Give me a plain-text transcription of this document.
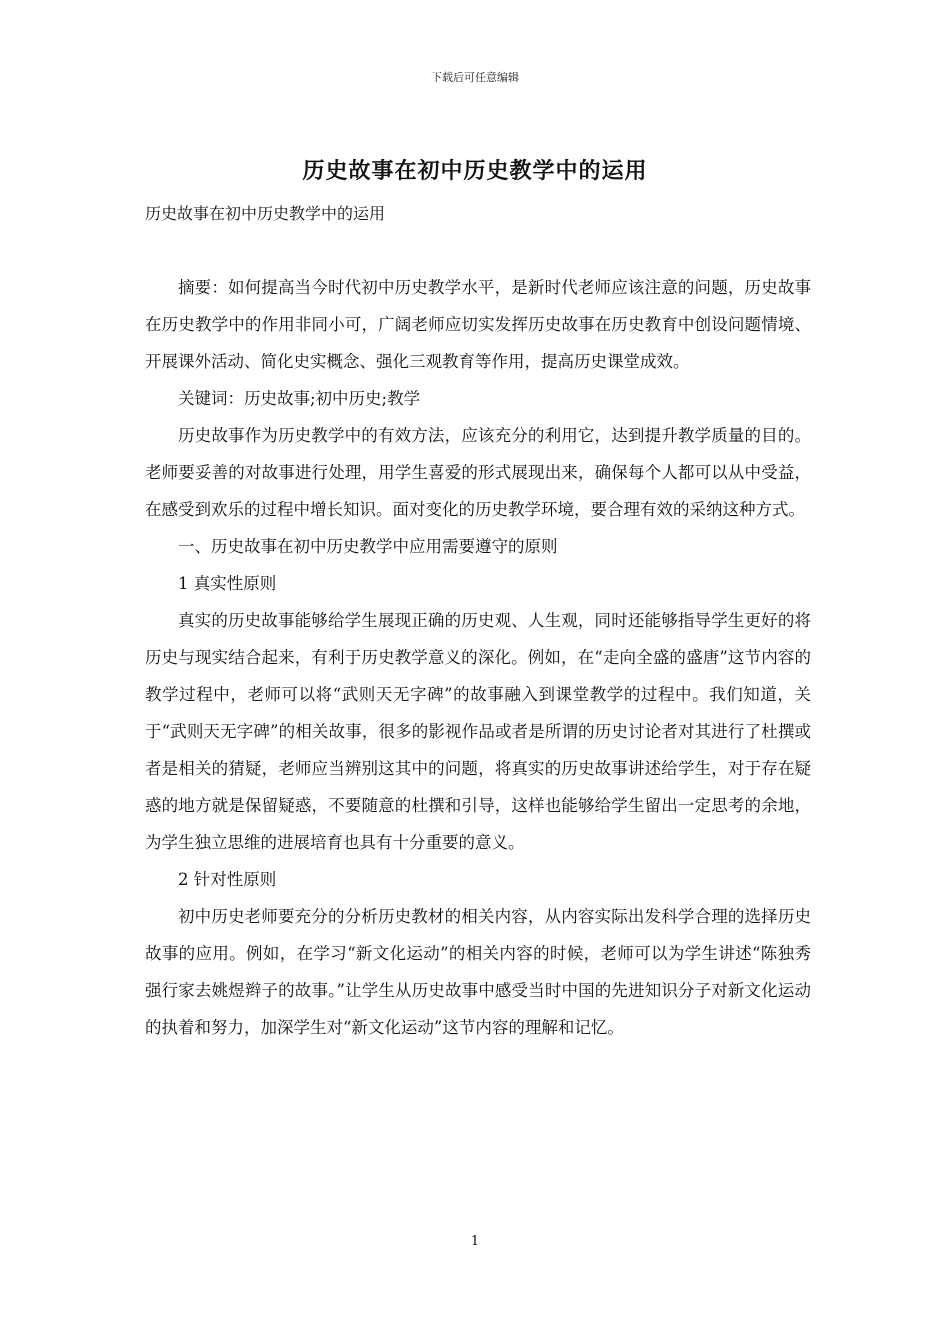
下载后可任意编辑
历史故事在初中历史教学中的运用
历史故事在初中历史教学中的运用

摘要：如何提高当今时代初中历史教学水平，是新时代老师应该注意的问题，历史故事在历史教学中的作用非同小可，广阔老师应切实发挥历史故事在历史教育中创设问题情境、开展课外活动、简化史实概念、强化三观教育等作用，提高历史课堂成效。

关键词：历史故事;初中历史;教学

历史故事作为历史教学中的有效方法，应该充分的利用它，达到提升教学质量的目的。老师要妥善的对故事进行处理，用学生喜爱的形式展现出来，确保每个人都可以从中受益，在感受到欢乐的过程中增长知识。面对变化的历史教学环境，要合理有效的采纳这种方式。

一、历史故事在初中历史教学中应用需要遵守的原则

1 真实性原则

真实的历史故事能够给学生展现正确的历史观、人生观，同时还能够指导学生更好的将历史与现实结合起来，有利于历史教学意义的深化。例如，在“走向全盛的盛唐”这节内容的教学过程中，老师可以将“武则天无字碑”的故事融入到课堂教学的过程中。我们知道，关于“武则天无字碑”的相关故事，很多的影视作品或者是所谓的历史讨论者对其进行了杜撰或者是相关的猜疑，老师应当辨别这其中的问题，将真实的历史故事讲述给学生，对于存在疑惑的地方就是保留疑惑，不要随意的杜撰和引导，这样也能够给学生留出一定思考的余地，为学生独立思维的进展培育也具有十分重要的意义。

2 针对性原则

初中历史老师要充分的分析历史教材的相关内容，从内容实际出发科学合理的选择历史故事的应用。例如，在学习“新文化运动”的相关内容的时候，老师可以为学生讲述“陈独秀强行家去姚煜辫子的故事。”让学生从历史故事中感受当时中国的先进知识分子对新文化运动的执着和努力，加深学生对“新文化运动”这节内容的理解和记忆。

1
